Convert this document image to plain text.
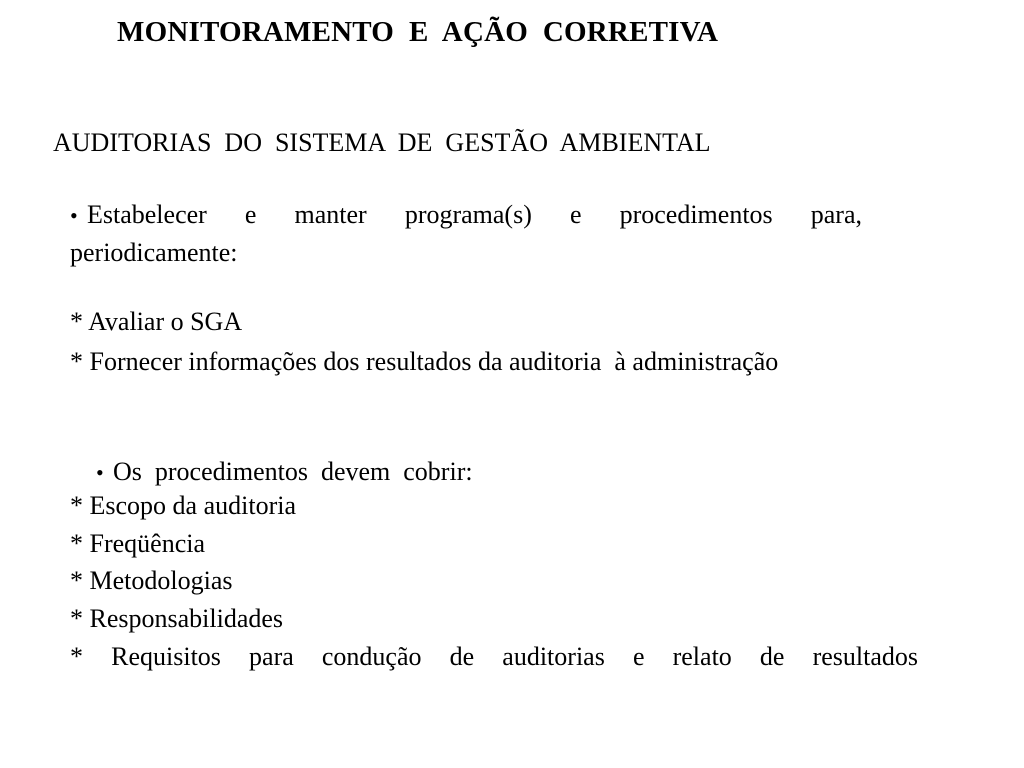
MONITORAMENTO  E  AÇÃO  CORRETIVA
AUDITORIAS  DO  SISTEMA  DE  GESTÃO  AMBIENTAL
• Estabelecer e manter programa(s) e procedimentos para,
periodicamente:
* Avaliar o SGA
* Fornecer informações dos resultados da auditoria  à administração

• Os  procedimentos  devem  cobrir:

* Escopo da auditoria
* Freqüência
* Metodologias
* Responsabilidades
* Requisitos para condução de auditorias e relato de resultados
